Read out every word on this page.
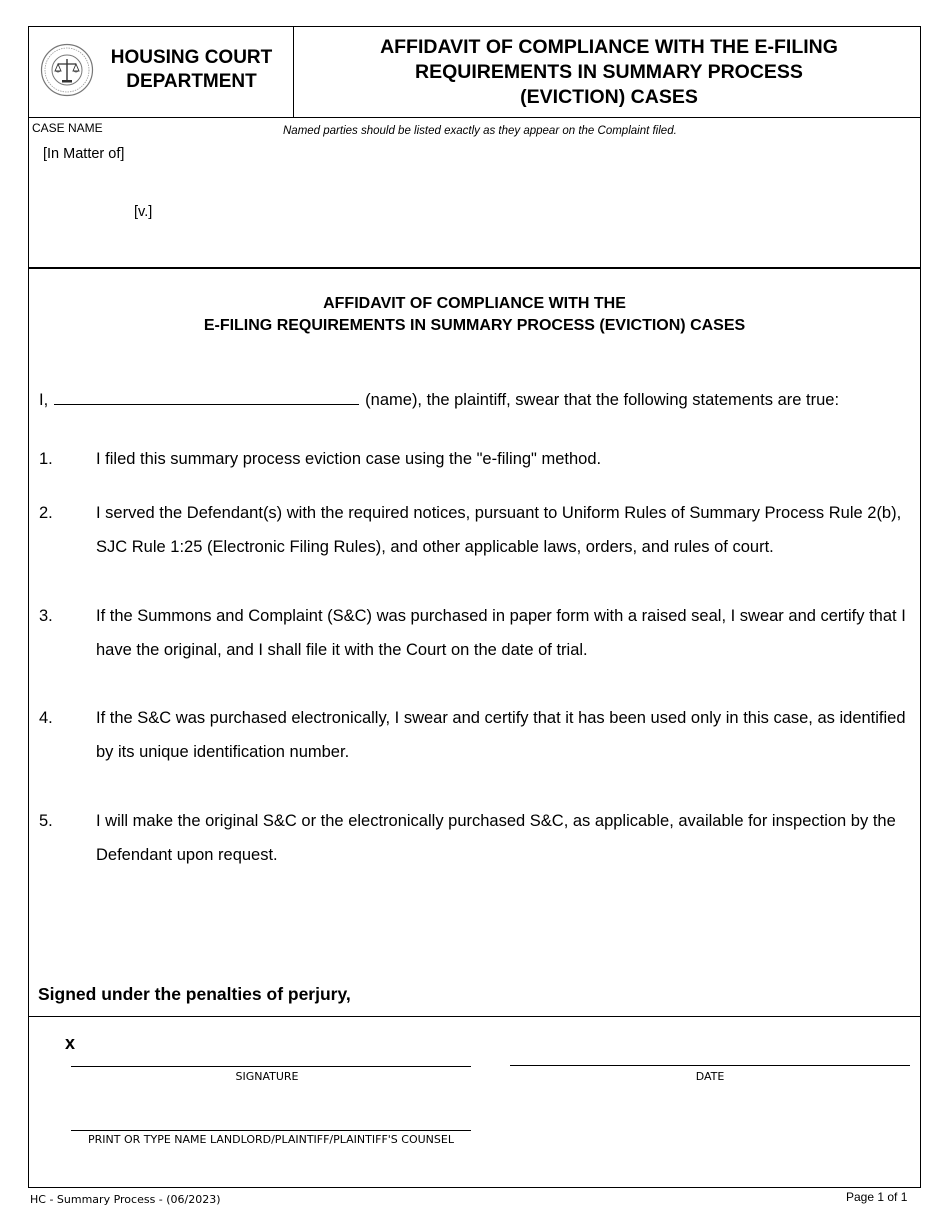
HOUSING COURT
DEPARTMENT
AFFIDAVIT OF COMPLIANCE WITH THE E-FILING
REQUIREMENTS IN SUMMARY PROCESS
(EVICTION) CASES
CASE NAME	Named parties should be listed exactly as they appear on the Complaint filed.
[In Matter of]
[v.]
AFFIDAVIT OF COMPLIANCE WITH THE
E-FILING REQUIREMENTS IN SUMMARY PROCESS (EVICTION) CASES
I,	(name), the plaintiff, swear that the following statements are true:
1.	I filed this summary process eviction case using the "e-filing" method.
2.	I served the Defendant(s) with the required notices, pursuant to Uniform Rules of Summary Process Rule 2(b), SJC Rule 1:25 (Electronic Filing Rules), and other applicable laws, orders, and rules of court.
3.	If the Summons and Complaint (S&C) was purchased in paper form with a raised seal, I swear and certify that I have the original, and I shall file it with the Court on the date of trial.
4.	If the S&C was purchased electronically, I swear and certify that it has been used only in this case, as identified by its unique identification number.
5.	I will make the original S&C or the electronically purchased S&C, as applicable, available for inspection by the Defendant upon request.
Signed under the penalties of perjury,
x
SIGNATURE	DATE
PRINT OR TYPE NAME LANDLORD/PLAINTIFF/PLAINTIFF'S COUNSEL
HC - Summary Process - (06/2023)	Page 1 of 1
